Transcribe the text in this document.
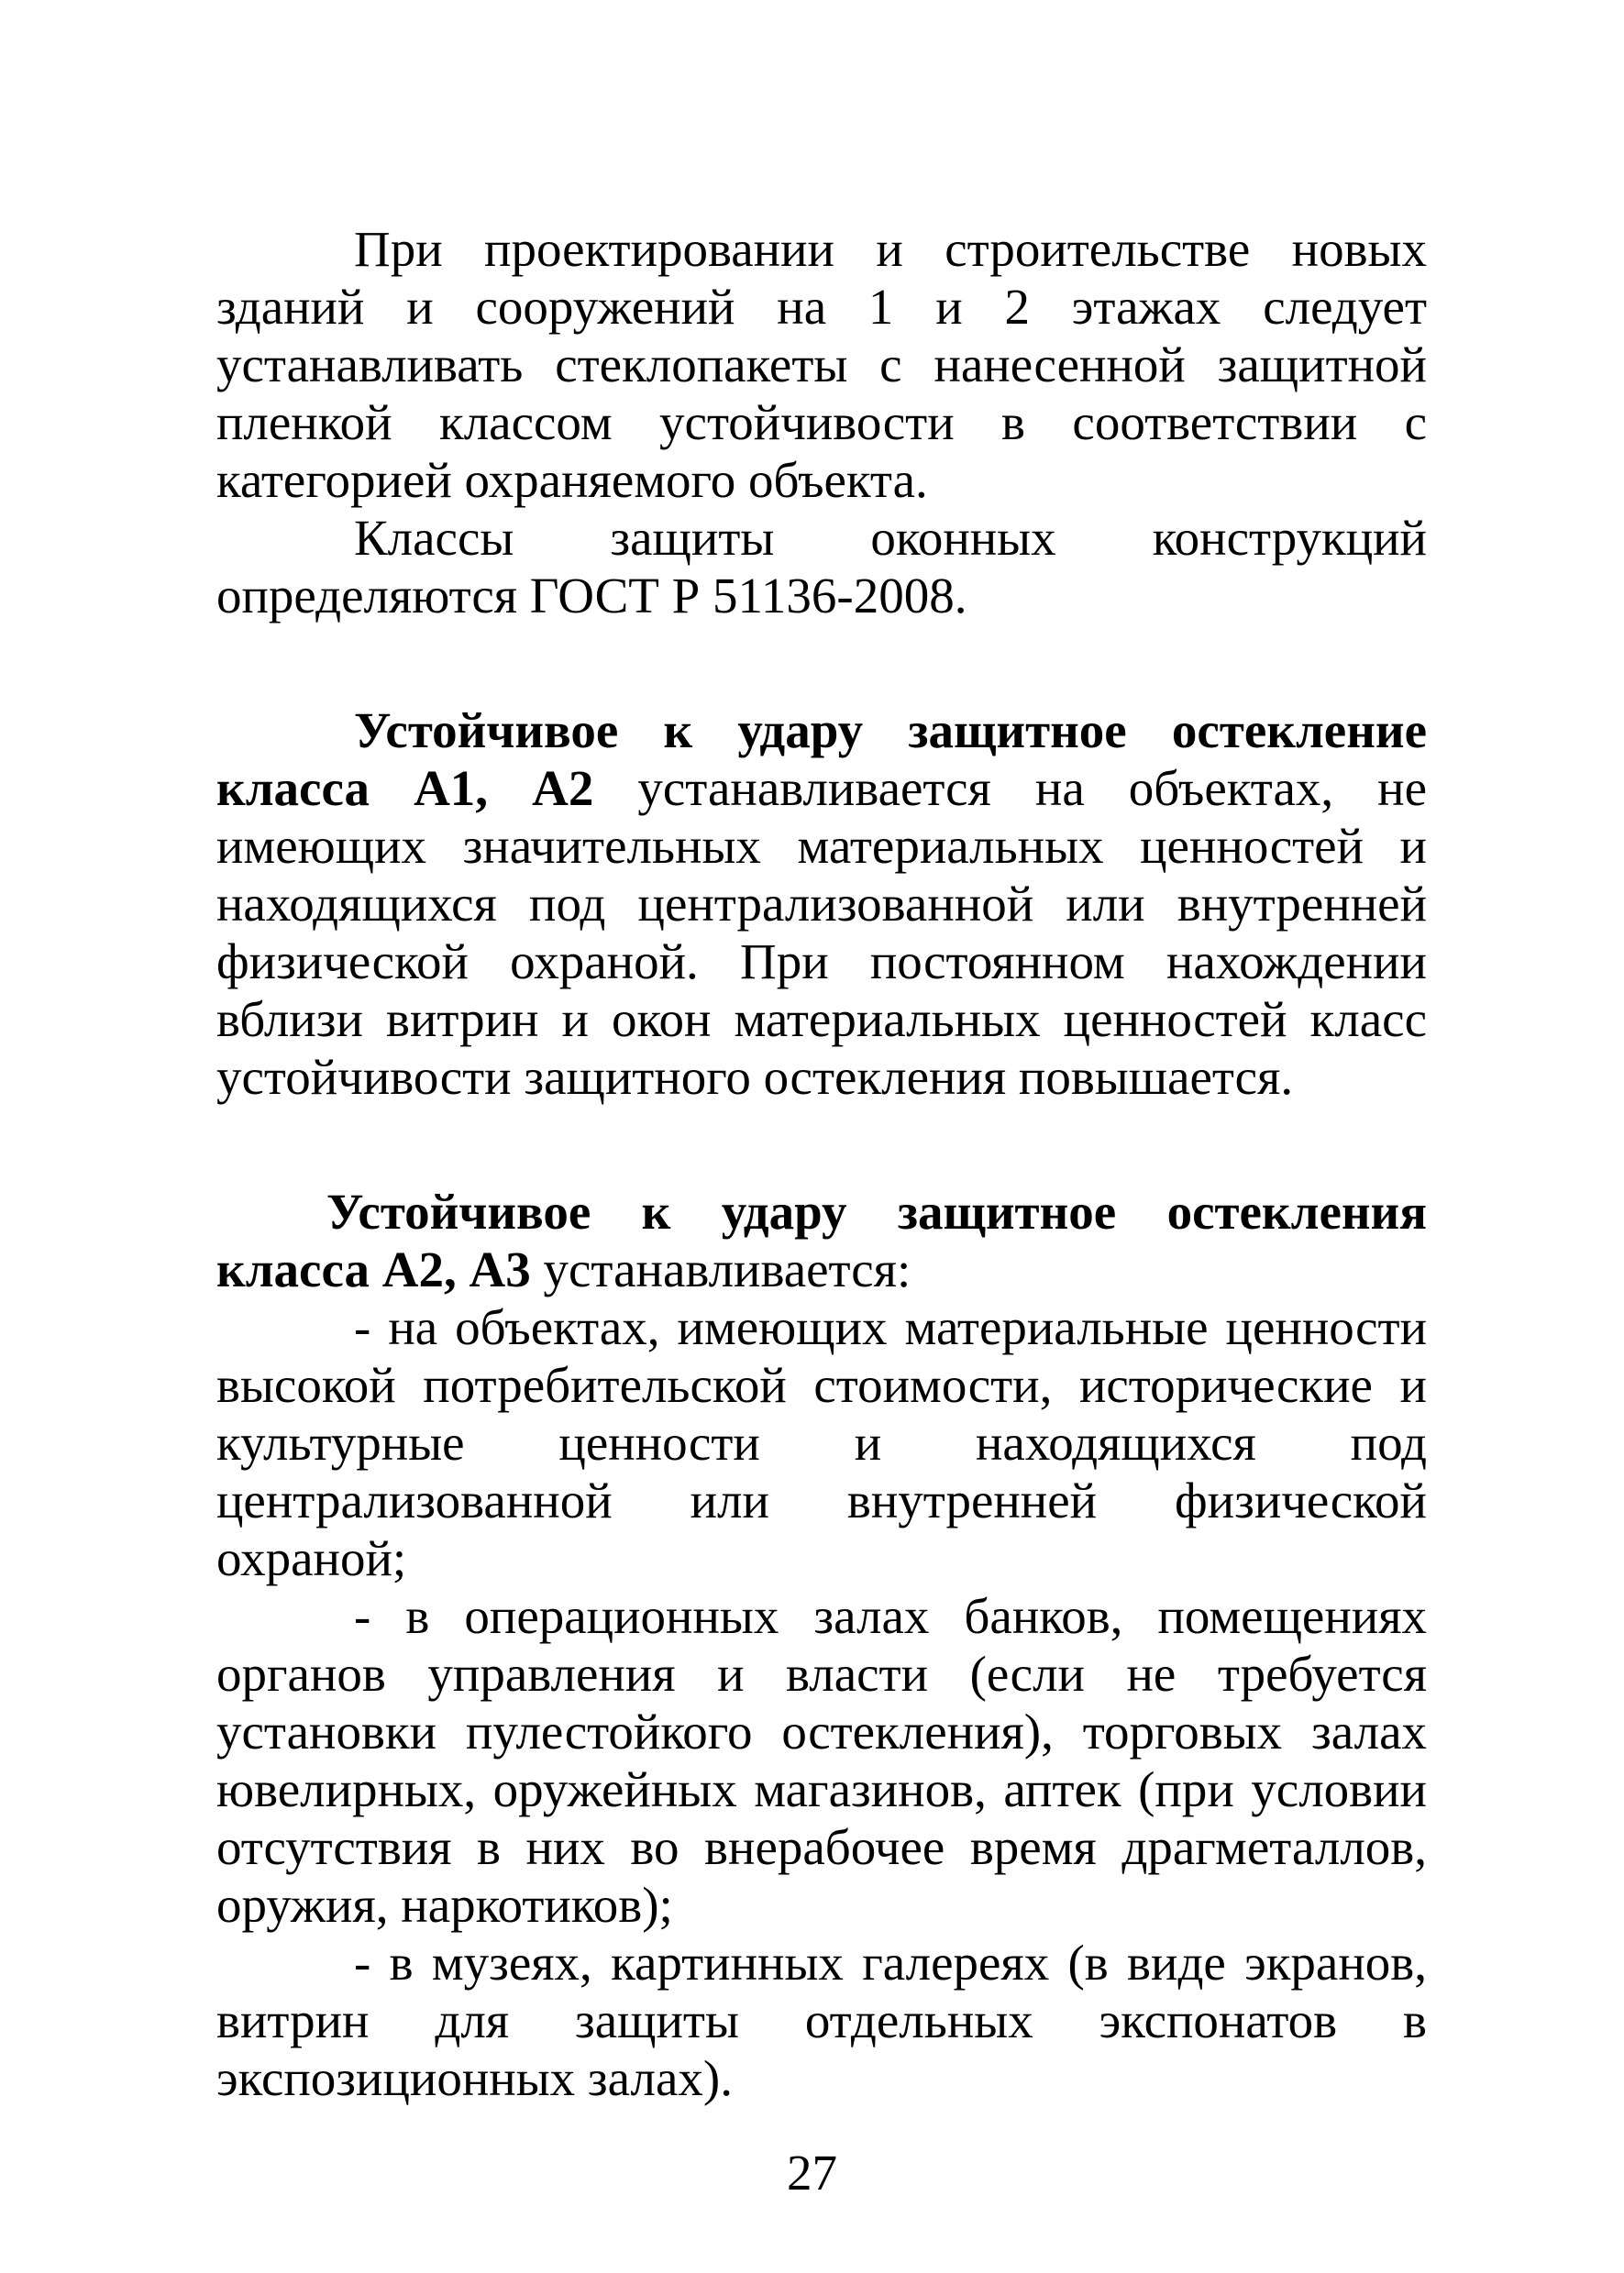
При проектировании и строительстве новых зданий и сооружений на 1 и 2 этажах следует устанавливать стеклопакеты с нанесенной защитной пленкой классом устойчивости в соответствии с категорией охраняемого объекта.

Классы защиты оконных конструкций определяются ГОСТ Р 51136-2008.

Устойчивое к удару защитное остекление класса А1, А2 устанавливается на объектах, не имеющих значительных материальных ценностей и находящихся под централизованной или внутренней физической охраной. При постоянном нахождении вблизи витрин и окон материальных ценностей класс устойчивости защитного остекления повышается.

Устойчивое к удару защитное остекления класса А2, А3 устанавливается:

- на объектах, имеющих материальные ценности высокой потребительской стоимости, исторические и культурные ценности и находящихся под централизованной или внутренней физической охраной;

- в операционных залах банков, помещениях органов управления и власти (если не требуется установки пулестойкого остекления), торговых залах ювелирных, оружейных магазинов, аптек (при условии отсутствия в них во внерабочее время драгметаллов, оружия, наркотиков);

- в музеях, картинных галереях (в виде экранов, витрин для защиты отдельных экспонатов в экспозиционных залах).

27
